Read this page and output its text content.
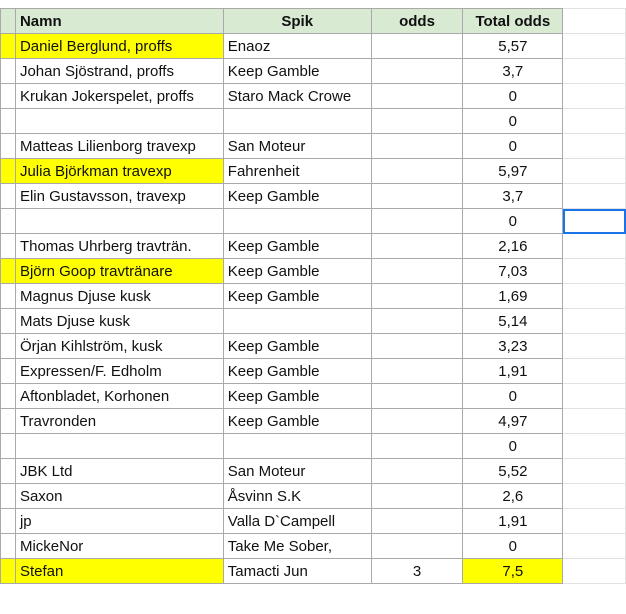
	Namn	Spik	odds	Total odds	
	Daniel Berglund, proffs	Enaoz		5,57	
	Johan Sjöstrand, proffs	Keep Gamble		3,7	
	Krukan Jokerspelet, proffs	Staro Mack Crowe		0	
				0	
	Matteas Lilienborg travexp	San Moteur		0	
	Julia Björkman travexp	Fahrenheit		5,97	
	Elin Gustavsson, travexp	Keep Gamble		3,7	
				0	
	Thomas Uhrberg travträn.	Keep Gamble		2,16	
	Björn Goop travtränare	Keep Gamble		7,03	
	Magnus Djuse kusk	Keep Gamble		1,69	
	Mats Djuse kusk			5,14	
	Örjan Kihlström, kusk	Keep Gamble		3,23	
	Expressen/F. Edholm	Keep Gamble		1,91	
	Aftonbladet, Korhonen	Keep Gamble		0	
	Travronden	Keep Gamble		4,97	
				0	
	JBK Ltd	San Moteur		5,52	
	Saxon	Åsvinn S.K		2,6	
	jp	Valla D`Campell		1,91	
	MickeNor	Take Me Sober,		0	
	Stefan	Tamacti Jun	3	7,5	
